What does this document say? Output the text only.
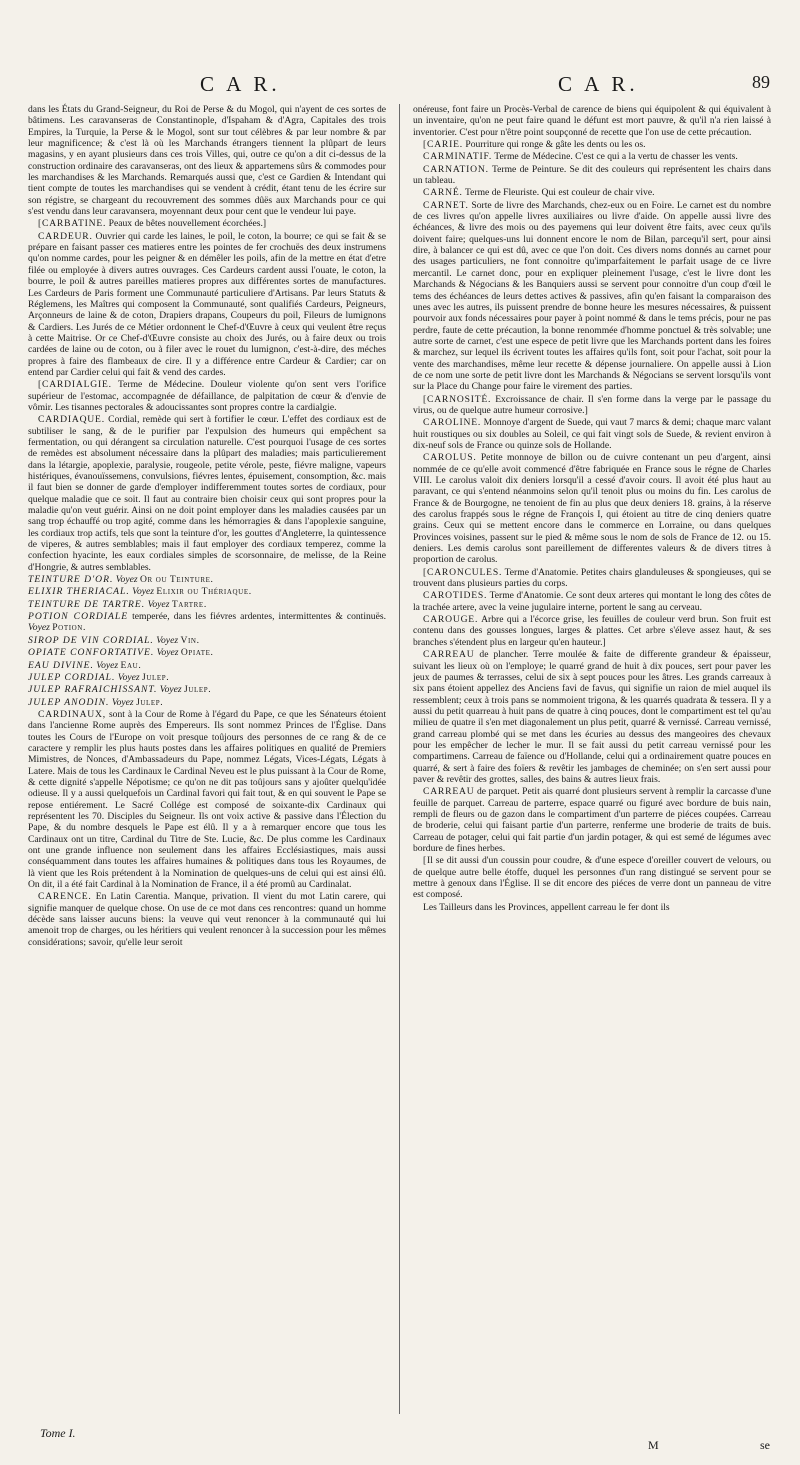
C A R.	C A R.	89

dans les États du Grand-Seigneur, du Roi de Perse & du Mogol, qui n'ayent de ces sortes de bâtimens. Les caravanseras de Constantinople, d'Ispaham & d'Agra, Capitales des trois Empires, la Turquie, la Perse & le Mogol, sont sur tout célèbres & par leur nombre & par leur magnificence; & c'est là où les Marchands étrangers tiennent la plûpart de leurs magasins, y en ayant plusieurs dans ces trois Villes, qui, outre ce qu'on a dit ci-dessus de la construction ordinaire des caravanseras, ont des lieux & appartemens sûrs & commodes pour les marchandises & les Marchands. Remarqués aussi que, c'est ce Gardien & Intendant qui tient compte de toutes les marchandises qui se vendent à crédit, étant tenu de les écrire sur son régistre, se chargeant du recouvrement des sommes dûës aux Marchands pour ce qui s'est vendu dans leur caravansera, moyennant deux pour cent que le vendeur lui paye.

[CARBATINE. Peaux de bêtes nouvellement écorchées.]

CARDEUR. Ouvrier qui carde les laines, le poil, le coton, la bourre; ce qui se fait & se prépare en faisant passer ces matieres entre les pointes de fer crochuës des deux instrumens qu'on nomme cardes, pour les peigner & en démêler les poils, afin de la mettre en état d'etre filée ou employée à divers autres ouvrages. Ces Cardeurs cardent aussi l'ouate, le coton, la bourre, le poil & autres pareilles matieres propres aux différentes sortes de manufactures. Les Cardeurs de Paris forment une Communauté particuliere d'Artisans. Par leurs Statuts & Réglemens, les Maîtres qui composent la Communauté, sont qualifiés Cardeurs, Peigneurs, Arçonneurs de laine & de coton, Drapiers drapans, Coupeurs du poil, Fileurs de lumignons & Cardiers. Les Jurés de ce Métier ordonnent le Chef-d'Œuvre à ceux qui veulent être reçus à cette Maitrise. Or ce Chef-d'Œuvre consiste au choix des Jurés, ou à faire deux ou trois cardées de laine ou de coton, ou à filer avec le rouet du lumignon, c'est-à-dire, des méches propres à faire des flambeaux de cire. Il y a différence entre Cardeur & Cardier; car on entend par Cardier celui qui fait & vend des cardes.

[CARDIALGIE. Terme de Médecine. Douleur violente qu'on sent vers l'orifice supérieur de l'estomac, accompagnée de défaillance, de palpitation de cœur & d'envie de vômir. Les tisannes pectorales & adoucissantes sont propres contre la cardialgie.

CARDIAQUE. Cordial, remède qui sert à fortifier le cœur. L'effet des cordiaux est de subtiliser le sang, & de le purifier par l'expulsion des humeurs qui empêchent sa fermentation, ou qui dérangent sa circulation naturelle. C'est pourquoi l'usage de ces sortes de remèdes est absolument nécessaire dans la plûpart des maladies; mais particulierement dans la létargie, apoplexie, paralysie, rougeole, petite vérole, peste, fiévre maligne, vapeurs histériques, évanouïssemens, convulsions, fiévres lentes, épuisement, consomption, &c. mais il faut bien se donner de garde d'employer indifferemment toutes sortes de cordiaux, pour quelque maladie que ce soit. Il faut au contraire bien choisir ceux qui sont propres pour la maladie qu'on veut guérir. Ainsi on ne doit point employer dans les maladies causées par un sang trop échauffé ou trop agité, comme dans les hémorragies & dans l'apoplexie sanguine, les cordiaux trop actifs, tels que sont la teinture d'or, les gouttes d'Angleterre, la quintessence de viperes, & autres semblables; mais il faut employer des cordiaux temperez, comme la confection hyacinte, les eaux cordiales simples de scorsonnaire, de melisse, de la Reine d'Hongrie, & autres semblables.

TEINTURE D'OR. Voyez Or ou Teinture.

ELIXIR THERIACAL. Voyez Elixir ou Thériaque.

TEINTURE DE TARTRE. Voyez Tartre.

POTION CORDIALE temperée, dans les fiévres ardentes, intermittentes & continuës. Voyez Potion.

SIROP DE VIN CORDIAL. Voyez Vin.

OPIATE CONFORTATIVE. Voyez Opiate.

EAU DIVINE. Voyez Eau.

JULEP CORDIAL. Voyez Julep.

JULEP RAFRAICHISSANT. Voyez Julep.

JULEP ANODIN. Voyez Julep.

CARDINAUX, sont à la Cour de Rome à l'égard du Pape, ce que les Sénateurs étoient dans l'ancienne Rome auprès des Empereurs. Ils sont nommez Princes de l'Église. Dans toutes les Cours de l'Europe on voit presque toûjours des personnes de ce rang & de ce caractere y remplir les plus hauts postes dans les affaires politiques en qualité de Premiers Mimistres, de Nonces, d'Ambassadeurs du Pape, nommez Légats, Vices-Légats, Légats à Latere. Mais de tous les Cardinaux le Cardinal Neveu est le plus puissant à la Cour de Rome, & cette dignité s'appelle Népotisme; ce qu'on ne dit pas toûjours sans y ajoûter quelqu'idée odieuse. Il y a aussi quelquefois un Cardinal favori qui fait tout, & en qui souvent le Pape se repose entiérement. Le Sacré Collége est composé de soixante-dix Cardinaux qui représentent les 70. Disciples du Seigneur. Ils ont voix active & passive dans l'Élection du Pape, & du nombre desquels le Pape est élû. Il y a à remarquer encore que tous les Cardinaux ont un titre, Cardinal du Titre de Ste. Lucie, &c. De plus comme les Cardinaux ont une grande influence non seulement dans les affaires Ecclésiastiques, mais aussi conséquamment dans toutes les affaires humaines & politiques dans tous les Royaumes, de là vient que les Rois prétendent à la Nomination de quelques-uns de celui qui est ainsi élû. On dit, il a été fait Cardinal à la Nomination de France, il a été promû au Cardinalat.

CARENCE. En Latin Carentia. Manque, privation. Il vient du mot Latin carere, qui signifie manquer de quelque chose. On use de ce mot dans ces rencontres: quand un homme décède sans laisser aucuns biens: la veuve qui veut renoncer à la communauté qui lui amenoit trop de charges, ou les héritiers qui veulent renoncer à la succession pour les mêmes considérations; savoir, qu'elle leur seroit

onéreuse, font faire un Procès-Verbal de carence de biens qui équipolent & qui équivalent à un inventaire, qu'on ne peut faire quand le défunt est mort pauvre, & qu'il n'a rien laissé à inventorier. C'est pour n'être point soupçonné de recette que l'on use de cette précaution.

[CARIE. Pourriture qui ronge & gâte les dents ou les os.

CARMINATIF. Terme de Médecine. C'est ce qui a la vertu de chasser les vents.

CARNATION. Terme de Peinture. Se dit des couleurs qui représentent les chairs dans un tableau.

CARNÉ. Terme de Fleuriste. Qui est couleur de chair vive.

CARNET. Sorte de livre des Marchands, chez-eux ou en Foire. Le carnet est du nombre de ces livres qu'on appelle livres auxiliaires ou livre d'aide. On appelle aussi livre des échéances, & livre des mois ou des payemens qui leur doivent être faits, avec ceux qu'ils doivent faire; quelques-uns lui donnent encore le nom de Bilan, parcequ'il sert, pour ainsi dire, à balancer ce qui est dû, avec ce que l'on doit. Ces divers noms donnés au carnet pour des usages particuliers, ne font connoitre qu'imparfaitement le parfait usage de ce livre mercantil. Le carnet donc, pour en expliquer pleinement l'usage, c'est le livre dont les Marchands & Négocians & les Banquiers aussi se servent pour connoitre d'un coup d'œil le tems des échéances de leurs dettes actives & passives, afin qu'en faisant la comparaison des unes avec les autres, ils puissent prendre de bonne heure les mesures nécessaires, & puissent pourvoir aux fonds nécessaires pour payer à point nommé & dans le tems précis, pour ne pas perdre, faute de cette précaution, la bonne renommée d'homme ponctuel & très solvable; une autre sorte de carnet, c'est une espece de petit livre que les Marchands portent dans les foires & marchez, sur lequel ils écrivent toutes les affaires qu'ils font, soit pour l'achat, soit pour la vente des marchandises, même leur recette & dépense journaliere. On appelle aussi à Lion de ce nom une sorte de petit livre dont les Marchands & Négocians se servent lorsqu'ils vont sur la Place du Change pour faire le virement des parties.

[CARNOSITÉ. Excroissance de chair. Il s'en forme dans la verge par le passage du virus, ou de quelque autre humeur corrosive.]

CAROLINE. Monnoye d'argent de Suede, qui vaut 7 marcs & demi; chaque marc valant huit roustiques ou six doubles au Soleil, ce qui fait vingt sols de Suede, & revient environ à dix-neuf sols de France ou quinze sols de Hollande.

CAROLUS. Petite monnoye de billon ou de cuivre contenant un peu d'argent, ainsi nommée de ce qu'elle avoit commencé d'être fabriquée en France sous le régne de Charles VIII. Le carolus valoit dix deniers lorsqu'il a cessé d'avoir cours. Il avoit été plus haut au paravant, ce qui s'entend néanmoins selon qu'il tenoit plus ou moins du fin. Les carolus de France & de Bourgogne, ne tenoient de fin au plus que deux deniers 18. grains, à la réserve des carolus frappés sous le régne de François I, qui étoient au titre de cinq deniers quatre grains. Ceux qui se mettent encore dans le commerce en Lorraine, ou dans quelques Provinces voisines, passent sur le pied & même sous le nom de sols de France de 12. ou 15. deniers. Les demis carolus sont pareillement de differentes valeurs & de divers titres à proportion de carolus.

[CARONCULES. Terme d'Anatomie. Petites chairs glanduleuses & spongieuses, qui se trouvent dans plusieurs parties du corps.

CAROTIDES. Terme d'Anatomie. Ce sont deux arteres qui montant le long des côtes de la trachée artere, avec la veine jugulaire interne, portent le sang au cerveau.

CAROUGE. Arbre qui a l'écorce grise, les feuilles de couleur verd brun. Son fruit est contenu dans des gousses longues, larges & plattes. Cet arbre s'éleve assez haut, & ses branches s'étendent plus en largeur qu'en hauteur.]

CARREAU de plancher. Terre moulée & faite de differente grandeur & épaisseur, suivant les lieux où on l'employe; le quarré grand de huit à dix pouces, sert pour paver les jeux de paumes & terrasses, celui de six à sept pouces pour les âtres. Les grands carreaux à six pans étoient appellez des Anciens favi de favus, qui signifie un raion de miel auquel ils ressemblent; ceux à trois pans se nommoient trigona, & les quarrés quadrata & tessera. Il y a aussi du petit quarreau à huit pans de quatre à cinq pouces, dont le compartiment est tel qu'au milieu de quatre il s'en met diagonalement un plus petit, quarré & vernissé. Carreau vernissé, grand carreau plombé qui se met dans les écuries au dessus des mangeoires des chevaux pour les empêcher de lecher le mur. Il se fait aussi du petit carreau vernissé pour les compartimens. Carreau de faïence ou d'Hollande, celui qui a ordinairement quatre pouces en quarré, & sert à faire des foïers & revêtir les jambages de cheminée; on s'en sert aussi pour paver & revêtir des grottes, salles, des bains & autres lieux frais.

CARREAU de parquet. Petit ais quarré dont plusieurs servent à remplir la carcasse d'une feuille de parquet. Carreau de parterre, espace quarré ou figuré avec bordure de buis nain, rempli de fleurs ou de gazon dans le compartiment d'un parterre de piéces coupées. Carreau de broderie, celui qui faisant partie d'un parterre, renferme une broderie de traits de buis. Carreau de potager, celui qui fait partie d'un jardin potager, & qui est semé de légumes avec bordure de fines herbes.

[Il se dit aussi d'un coussin pour coudre, & d'une espece d'oreiller couvert de velours, ou de quelque autre belle étoffe, duquel les personnes d'un rang distingué se servent pour se mettre à genoux dans l'Église. Il se dit encore des piéces de verre dont un panneau de vitre est composé.

Les Tailleurs dans les Provinces, appellent carreau le fer dont ils

Tome I.
M	se
